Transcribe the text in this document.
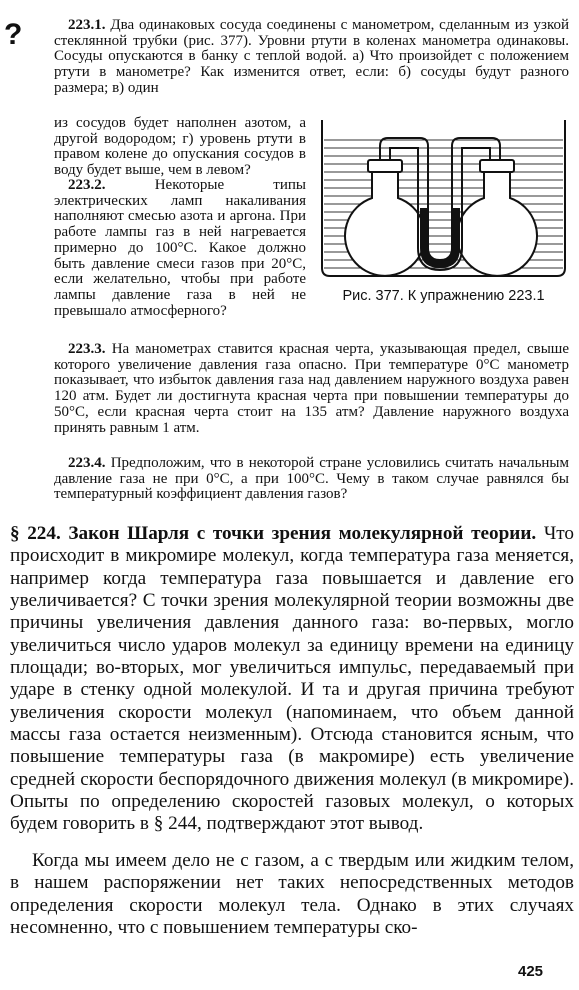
?	223.1. Два одинаковых сосуда соединены с манометром, сделанным из узкой стеклянной трубки (рис. 377). Уровни ртути в коленах манометра одинаковы. Сосуды опускаются в банку с теплой водой. а) Что произойдет с положением ртути в манометре? Как изменится ответ, если: б) сосуды будут разного размера; в) один
из сосудов будет наполнен азотом, а другой водородом; г) уровень ртути в правом колене до опускания сосудов в воду будет выше, чем в левом?
223.2.	Некоторые типы электрических ламп накаливания наполняют смесью азота и аргона. При работе лампы газ в ней нагревается примерно до 100°С. Какое должно быть давление смеси газов при 20°С, если желательно, чтобы при работе лампы давление газа в ней не превышало атмосферного?
223.3. На манометрах ставится красная черта, указывающая предел, свыше которого увеличение давления газа опасно. При температуре 0°С манометр показывает, что избыток давления газа над давлением наружного воздуха равен 120 атм. Будет ли достигнута красная черта при повышении температуры до 50°С, если красная черта стоит на 135 атм? Давление наружного воздуха принять равным 1 атм.
223.4. Предположим, что в некоторой стране условились считать начальным давление газа не при 0°С, а при 100°С. Чему в таком случае равнялся бы температурный коэффициент давления газов?
Рис. 377. К упражнению 223.1
§ 224. Закон Шарля с точки зрения молекулярной теории. Что происходит в микромире молекул, когда температура газа меняется, например когда температура газа повышается и давление его увеличивается? С точки зрения молекулярной теории возможны две причины увеличения давления данного газа: во-первых, могло увеличиться число ударов молекул за единицу времени на единицу площади; во-вторых, мог увеличиться импульс, передаваемый при ударе в стенку одной молекулой. И та и другая причина требуют увеличения скорости молекул (напоминаем, что объем данной массы газа остается неизменным). Отсюда становится ясным, что повышение температуры газа (в макромире) есть увеличение средней скорости беспорядочного движения молекул (в микромире). Опыты по определению скоростей газовых молекул, о которых будем говорить в § 244, подтверждают этот вывод.
Когда мы имеем дело не с газом, а с твердым или жидким телом, в нашем распоряжении нет таких непосредственных методов определения скорости молекул тела. Однако в этих случаях несомненно, что с повышением температуры ско-
425
